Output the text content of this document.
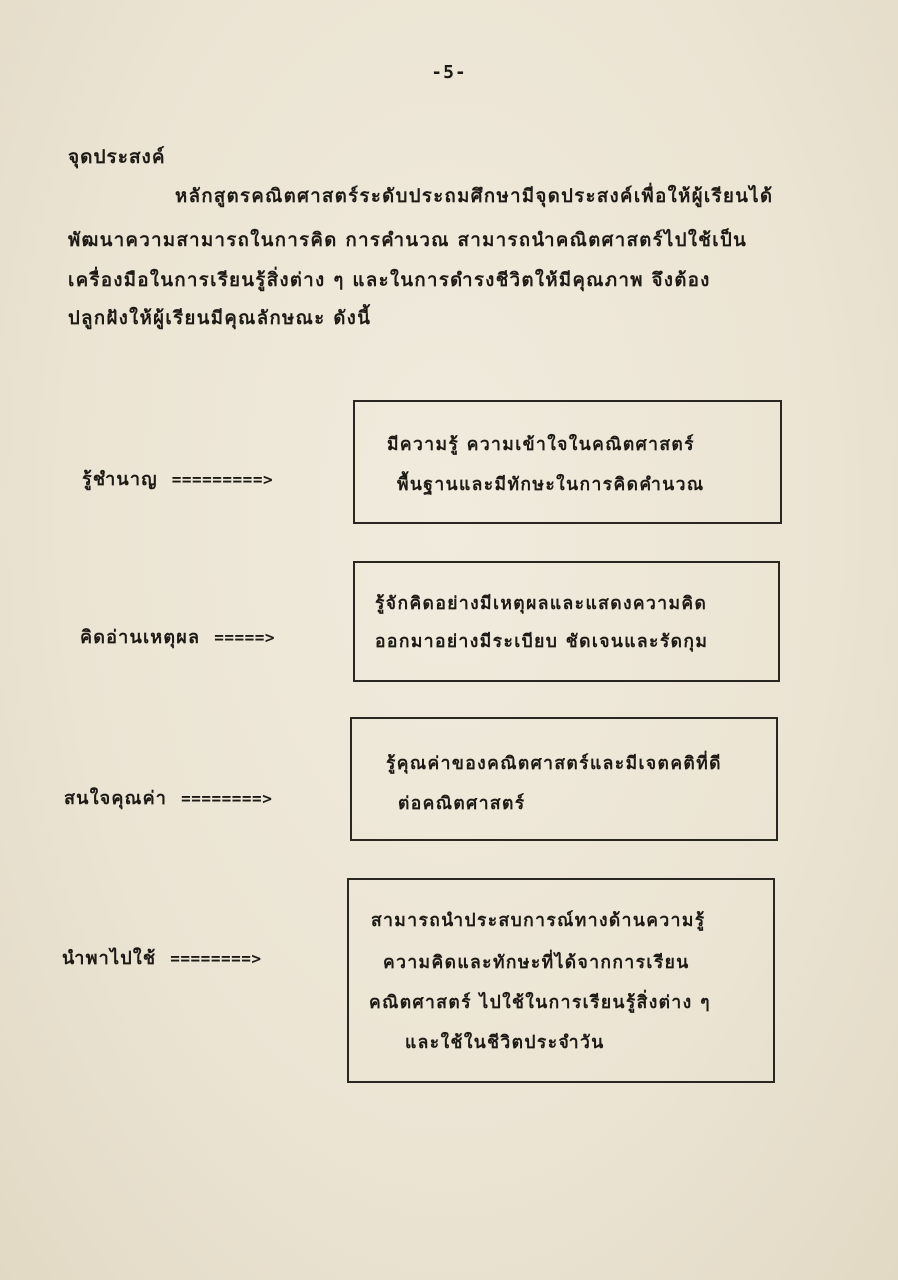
-5-
จุดประสงค์
หลักสูตรคณิตศาสตร์ระดับประถมศึกษามีจุดประสงค์เพื่อให้ผู้เรียนได้
พัฒนาความสามารถในการคิด การคำนวณ สามารถนำคณิตศาสตร์ไปใช้เป็น
เครื่องมือในการเรียนรู้สิ่งต่าง ๆ และในการดำรงชีวิตให้มีคุณภาพ จึงต้อง
ปลูกฝังให้ผู้เรียนมีคุณลักษณะ ดังนี้
รู้ชำนาญ =========>
มีความรู้ ความเข้าใจในคณิตศาสตร์
พื้นฐานและมีทักษะในการคิดคำนวณ
คิดอ่านเหตุผล =====>
รู้จักคิดอย่างมีเหตุผลและแสดงความคิด
ออกมาอย่างมีระเบียบ ชัดเจนและรัดกุม
สนใจคุณค่า ========>
รู้คุณค่าของคณิตศาสตร์และมีเจตคติที่ดี
ต่อคณิตศาสตร์
นำพาไปใช้ ========>
สามารถนำประสบการณ์ทางด้านความรู้
ความคิดและทักษะที่ได้จากการเรียน
คณิตศาสตร์ ไปใช้ในการเรียนรู้สิ่งต่าง ๆ
และใช้ในชีวิตประจำวัน
